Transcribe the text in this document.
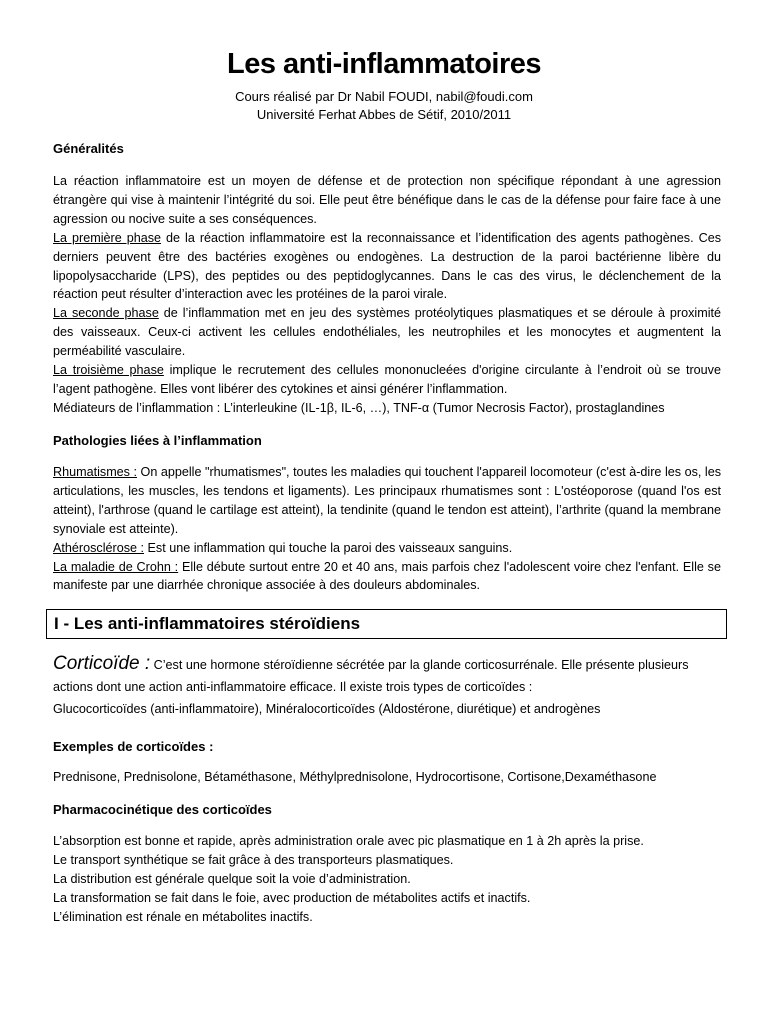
Les anti-inflammatoires
Cours réalisé par Dr Nabil FOUDI, nabil@foudi.com
Université Ferhat Abbes de Sétif, 2010/2011
Généralités

La réaction inflammatoire est un moyen de défense et de protection non spécifique répondant à une agression étrangère qui vise à maintenir l’intégrité du soi. Elle peut être bénéfique dans le cas de la défense pour faire face à une agression ou nocive suite a ses conséquences.

La première phase de la réaction inflammatoire est la reconnaissance et l’identification des agents pathogènes. Ces derniers peuvent être des bactéries exogènes ou endogènes. La destruction de la paroi bactérienne libère du lipopolysaccharide (LPS), des peptides ou des peptidoglycannes. Dans le cas des virus, le déclenchement de la réaction peut résulter d’interaction avec les protéines de la paroi virale.

La seconde phase de l’inflammation met en jeu des systèmes protéolytiques plasmatiques et se déroule à proximité des vaisseaux. Ceux-ci activent les cellules endothéliales, les neutrophiles et les monocytes et augmentent la perméabilité vasculaire.

La troisième phase implique le recrutement des cellules mononucleées d'origine circulante à l’endroit où se trouve l’agent pathogène. Elles vont libérer des cytokines et ainsi générer l’inflammation.

Médiateurs de l’inflammation : L’interleukine (IL-1β, IL-6, …), TNF-α (Tumor Necrosis Factor), prostaglandines

Pathologies liées à l’inflammation

Rhumatismes : On appelle "rhumatismes", toutes les maladies qui touchent l'appareil locomoteur (c'est à-dire les os, les articulations, les muscles, les tendons et ligaments). Les principaux rhumatismes sont : L'ostéoporose (quand l'os est atteint), l'arthrose (quand le cartilage est atteint), la tendinite (quand le tendon est atteint), l’arthrite (quand la membrane synoviale est atteinte).

Athérosclérose : Est une inflammation qui touche la paroi des vaisseaux sanguins.

La maladie de Crohn : Elle débute surtout entre 20 et 40 ans, mais parfois chez l'adolescent voire chez l'enfant. Elle se manifeste par une diarrhée chronique associée à des douleurs abdominales.

I - Les anti-inflammatoires stéroïdiens

Corticoïde : C’est une hormone stéroïdienne sécrétée par la glande corticosurrénale. Elle présente plusieurs actions dont une action anti-inflammatoire efficace. Il existe trois types de corticoïdes :

Glucocorticoïdes (anti-inflammatoire), Minéralocorticoïdes (Aldostérone, diurétique) et androgènes
Exemples de corticoïdes :
Prednisone, Prednisolone, Bétaméthasone, Méthylprednisolone, Hydrocortisone, Cortisone,Dexaméthasone
Pharmacocinétique des corticoïdes
L’absorption est bonne et rapide, après administration orale avec pic plasmatique en 1 à 2h après la prise.
Le transport synthétique se fait grâce à des transporteurs plasmatiques.
La distribution est générale quelque soit la voie d’administration.
La transformation se fait dans le foie, avec production de métabolites actifs et inactifs.
L’élimination est rénale en métabolites inactifs.
